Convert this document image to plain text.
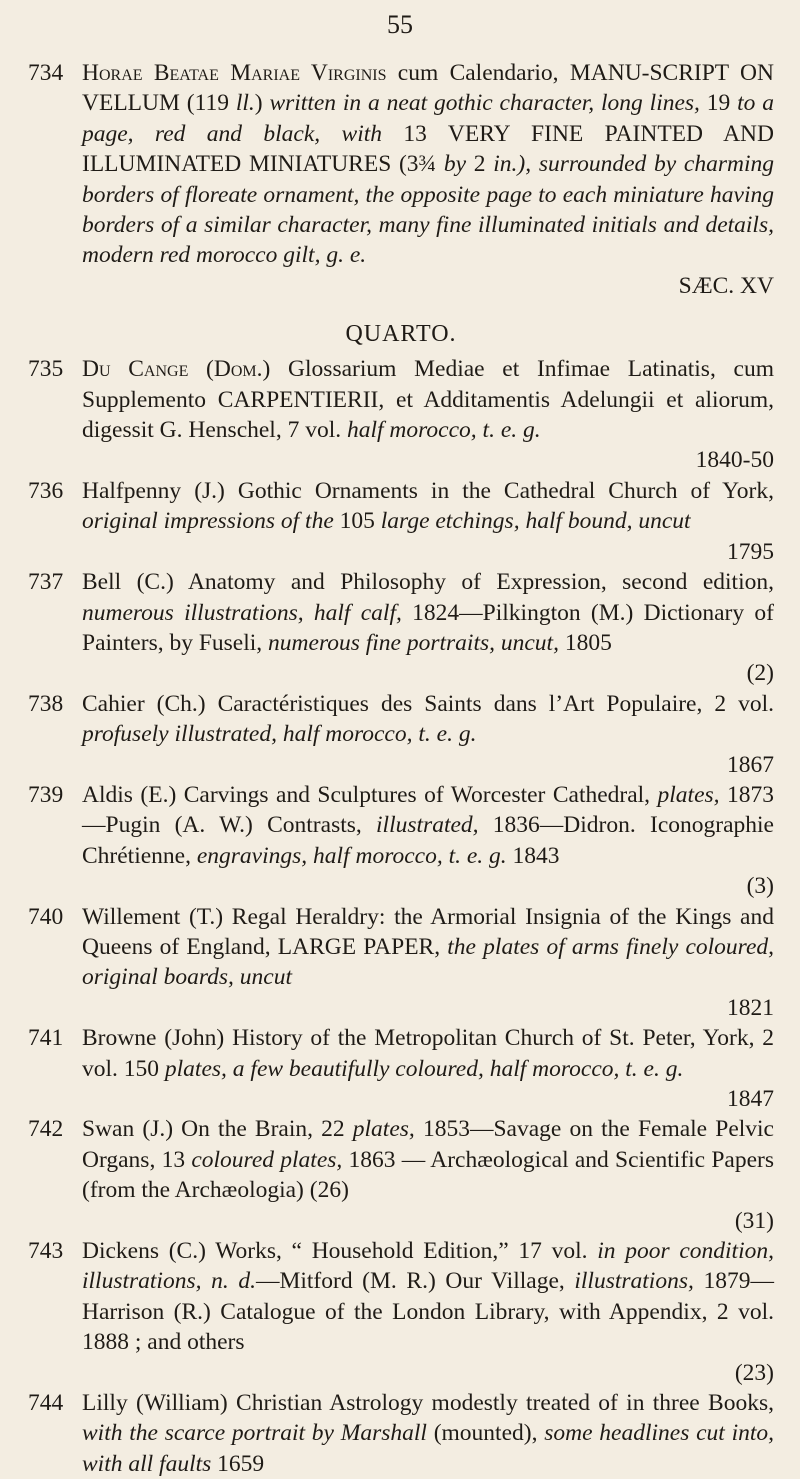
55
734 Horae Beatae Mariae Virginis cum Calendario, MANU-SCRIPT ON VELLUM (119 ll.) written in a neat gothic character, long lines, 19 to a page, red and black, with 13 VERY FINE PAINTED AND ILLUMINATED MINIATURES (3¾ by 2 in.), surrounded by charming borders of floreate ornament, the opposite page to each miniature having borders of a similar character, many fine illuminated initials and details, modern red morocco gilt, g. e.
SÆC. XV
QUARTO.
735 Du Cange (Dom.) Glossarium Mediae et Infimae Latinatis, cum Supplemento CARPENTIERII, et Additamentis Adelungii et aliorum, digessit G. Henschel, 7 vol. half morocco, t. e. g.
1840-50
736 Halfpenny (J.) Gothic Ornaments in the Cathedral Church of York, original impressions of the 105 large etchings, half bound, uncut
1795
737 Bell (C.) Anatomy and Philosophy of Expression, second edition, numerous illustrations, half calf, 1824—Pilkington (M.) Dictionary of Painters, by Fuseli, numerous fine portraits, uncut, 1805
(2)
738 Cahier (Ch.) Caractéristiques des Saints dans l’Art Populaire, 2 vol. profusely illustrated, half morocco, t. e. g.
1867
739 Aldis (E.) Carvings and Sculptures of Worcester Cathedral, plates, 1873—Pugin (A. W.) Contrasts, illustrated, 1836—Didron. Iconographie Chrétienne, engravings, half morocco, t. e. g. 1843
(3)
740 Willement (T.) Regal Heraldry: the Armorial Insignia of the Kings and Queens of England, LARGE PAPER, the plates of arms finely coloured, original boards, uncut
1821
741 Browne (John) History of the Metropolitan Church of St. Peter, York, 2 vol. 150 plates, a few beautifully coloured, half morocco, t. e. g.
1847
742 Swan (J.) On the Brain, 22 plates, 1853—Savage on the Female Pelvic Organs, 13 coloured plates, 1863 — Archæological and Scientific Papers (from the Archæologia) (26)
(31)
743 Dickens (C.) Works, “ Household Edition,” 17 vol. in poor condition, illustrations, n. d.—Mitford (M. R.) Our Village, illustrations, 1879—Harrison (R.) Catalogue of the London Library, with Appendix, 2 vol. 1888 ; and others
(23)
744 Lilly (William) Christian Astrology modestly treated of in three Books, with the scarce portrait by Marshall (mounted), some headlines cut into, with all faults 1659
